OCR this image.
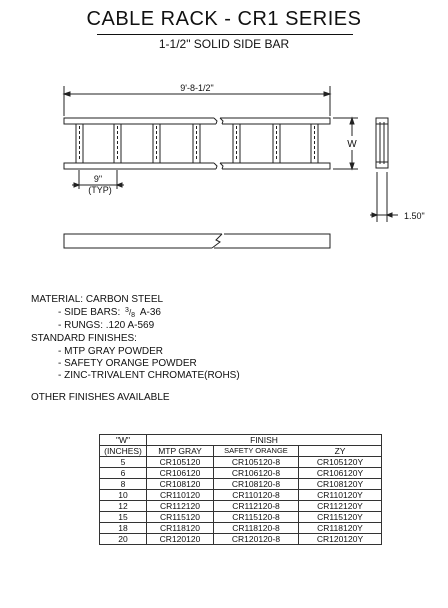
CABLE RACK - CR1 SERIES
1-1/2" SOLID SIDE BAR
9'-8-1/2"
W
9"
(TYP)
1.50"
MATERIAL: CARBON STEEL
- SIDE BARS: 3/8 A-36
- RUNGS: .120 A-569
STANDARD FINISHES:
- MTP GRAY POWDER
- SAFETY ORANGE POWDER
- ZINC-TRIVALENT CHROMATE(ROHS)
OTHER FINISHES AVAILABLE
"W"	FINISH		
(INCHES)	MTP GRAY	SAFETY ORANGE	ZY
5	CR105120	CR105120-8	CR105120Y
6	CR106120	CR106120-8	CR106120Y
8	CR108120	CR108120-8	CR108120Y
10	CR110120	CR110120-8	CR110120Y
12	CR112120	CR112120-8	CR112120Y
15	CR115120	CR115120-8	CR115120Y
18	CR118120	CR118120-8	CR118120Y
20	CR120120	CR120120-8	CR120120Y
